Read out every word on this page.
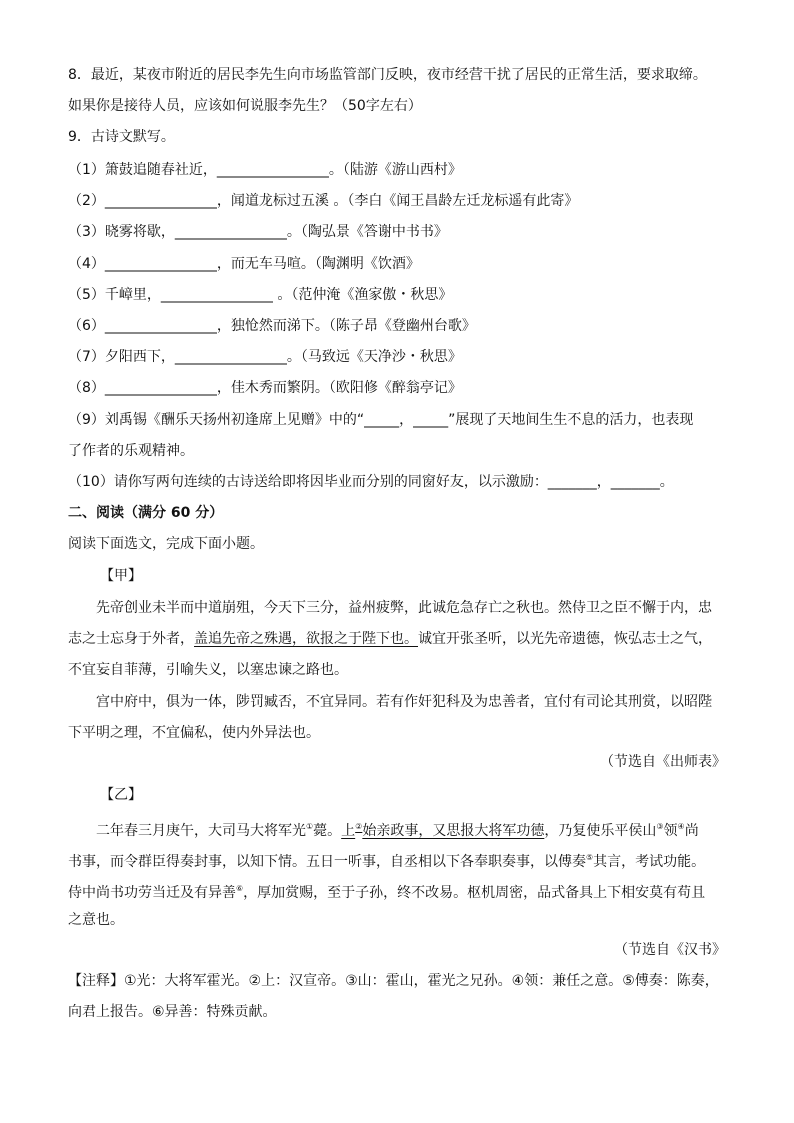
8．最近，某夜市附近的居民李先生向市场监管部门反映，夜市经营干扰了居民的正常生活，要求取缔。
如果你是接待人员，应该如何说服李先生？（50字左右）
9．古诗文默写。
（1）箫鼓追随春社近，________________。（陆游《游山西村》
（2）________________，闻道龙标过五溪 。（李白《闻王昌龄左迁龙标遥有此寄》
（3）晓雾将歇，________________。（陶弘景《答谢中书书》
（4）________________，而无车马喧。（陶渊明《饮酒》
（5）千嶂里，________________ 。（范仲淹《渔家傲・秋思》
（6）________________，独怆然而涕下。（陈子昂《登幽州台歌》
（7）夕阳西下，________________。（马致远《天净沙・秋思》
（8）________________，佳木秀而繁阴。（欧阳修《醉翁亭记》
（9）刘禹锡《酬乐天扬州初逢席上见赠》中的“_____，_____”展现了天地间生生不息的活力，也表现
了作者的乐观精神。
（10）请你写两句连续的古诗送给即将因毕业而分别的同窗好友，以示激励：_______，_______。
二、阅读（满分 60 分）
阅读下面选文，完成下面小题。
【甲】
先帝创业未半而中道崩殂，今天下三分，益州疲弊，此诚危急存亡之秋也。然侍卫之臣不懈于内，忠
志之士忘身于外者，盖追先帝之殊遇，欲报之于陛下也。诚宜开张圣听，以光先帝遗德，恢弘志士之气，
不宜妄自菲薄，引喻失义，以塞忠谏之路也。
宫中府中，俱为一体，陟罚臧否，不宜异同。若有作奸犯科及为忠善者，宜付有司论其刑赏，以昭陛
下平明之理，不宜偏私，使内外异法也。
（节选自《出师表》
【乙】
二年春三月庚午，大司马大将军光①薨。上②始亲政事，又思报大将军功德，乃复使乐平侯山③领④尚
书事，而令群臣得奏封事，以知下情。五日一听事，自丞相以下各奉职奏事，以傅奏⑤其言，考试功能。
侍中尚书功劳当迁及有异善⑥，厚加赏赐，至于子孙，终不改易。枢机周密，品式备具上下相安莫有苟且
之意也。
（节选自《汉书》
【注释】①光：大将军霍光。②上：汉宣帝。③山：霍山，霍光之兄孙。④领：兼任之意。⑤傅奏：陈奏，
向君上报告。⑥异善：特殊贡献。
